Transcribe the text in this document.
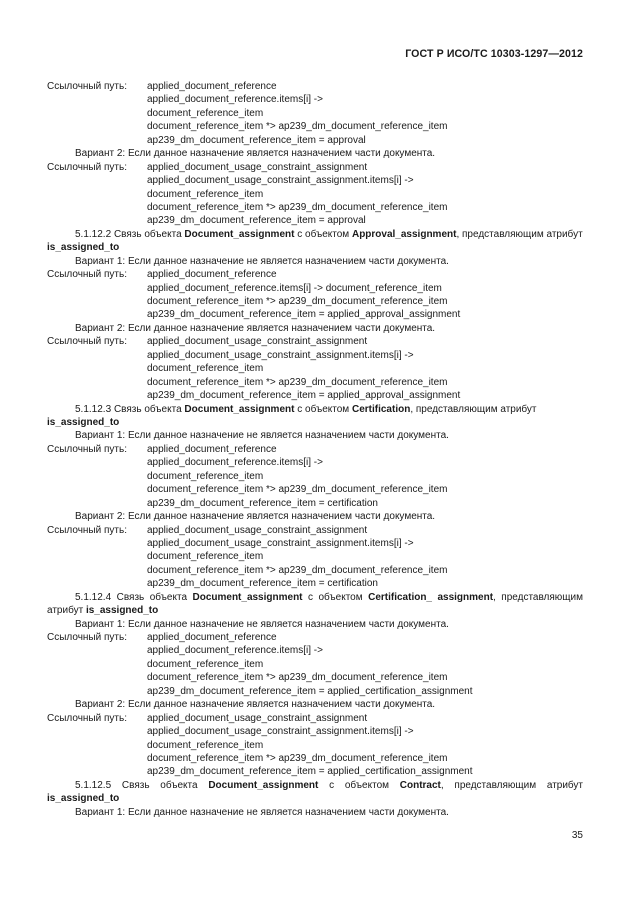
ГОСТ Р ИСО/ТС 10303-1297—2012
Ссылочный путь: applied_document_reference
applied_document_reference.items[i] ->
document_reference_item
document_reference_item *> ap239_dm_document_reference_item
ap239_dm_document_reference_item = approval
Вариант 2: Если данное назначение является назначением части документа.
Ссылочный путь: applied_document_usage_constraint_assignment
applied_document_usage_constraint_assignment.items[i] ->
document_reference_item
document_reference_item *> ap239_dm_document_reference_item
ap239_dm_document_reference_item = approval
5.1.12.2 Связь объекта Document_assignment с объектом Approval_assignment, представляющим атрибут is_assigned_to
Вариант 1: Если данное назначение не является назначением части документа.
Ссылочный путь: applied_document_reference
applied_document_reference.items[i] -> document_reference_item
document_reference_item *> ap239_dm_document_reference_item
ap239_dm_document_reference_item = applied_approval_assignment
Вариант 2: Если данное назначение является назначением части документа.
Ссылочный путь: applied_document_usage_constraint_assignment
applied_document_usage_constraint_assignment.items[i] ->
document_reference_item
document_reference_item *> ap239_dm_document_reference_item
ap239_dm_document_reference_item = applied_approval_assignment
5.1.12.3 Связь объекта Document_assignment с объектом Certification, представляющим атрибут is_assigned_to
Вариант 1: Если данное назначение не является назначением части документа.
Ссылочный путь: applied_document_reference
applied_document_reference.items[i] ->
document_reference_item
document_reference_item *> ap239_dm_document_reference_item
ap239_dm_document_reference_item = certification
Вариант 2: Если данное назначение является назначением части документа.
Ссылочный путь: applied_document_usage_constraint_assignment
applied_document_usage_constraint_assignment.items[i] ->
document_reference_item
document_reference_item *> ap239_dm_document_reference_item
ap239_dm_document_reference_item = certification
5.1.12.4 Связь объекта Document_assignment с объектом Certification_ assignment, представляющим атрибут is_assigned_to
Вариант 1: Если данное назначение не является назначением части документа.
Ссылочный путь: applied_document_reference
applied_document_reference.items[i] ->
document_reference_item
document_reference_item *> ap239_dm_document_reference_item
ap239_dm_document_reference_item = applied_certification_assignment
Вариант 2: Если данное назначение является назначением части документа.
Ссылочный путь: applied_document_usage_constraint_assignment
applied_document_usage_constraint_assignment.items[i] ->
document_reference_item
document_reference_item *> ap239_dm_document_reference_item
ap239_dm_document_reference_item = applied_certification_assignment
5.1.12.5 Связь объекта Document_assignment с объектом Contract, представляющим атрибут is_assigned_to
Вариант 1: Если данное назначение не является назначением части документа.
35
